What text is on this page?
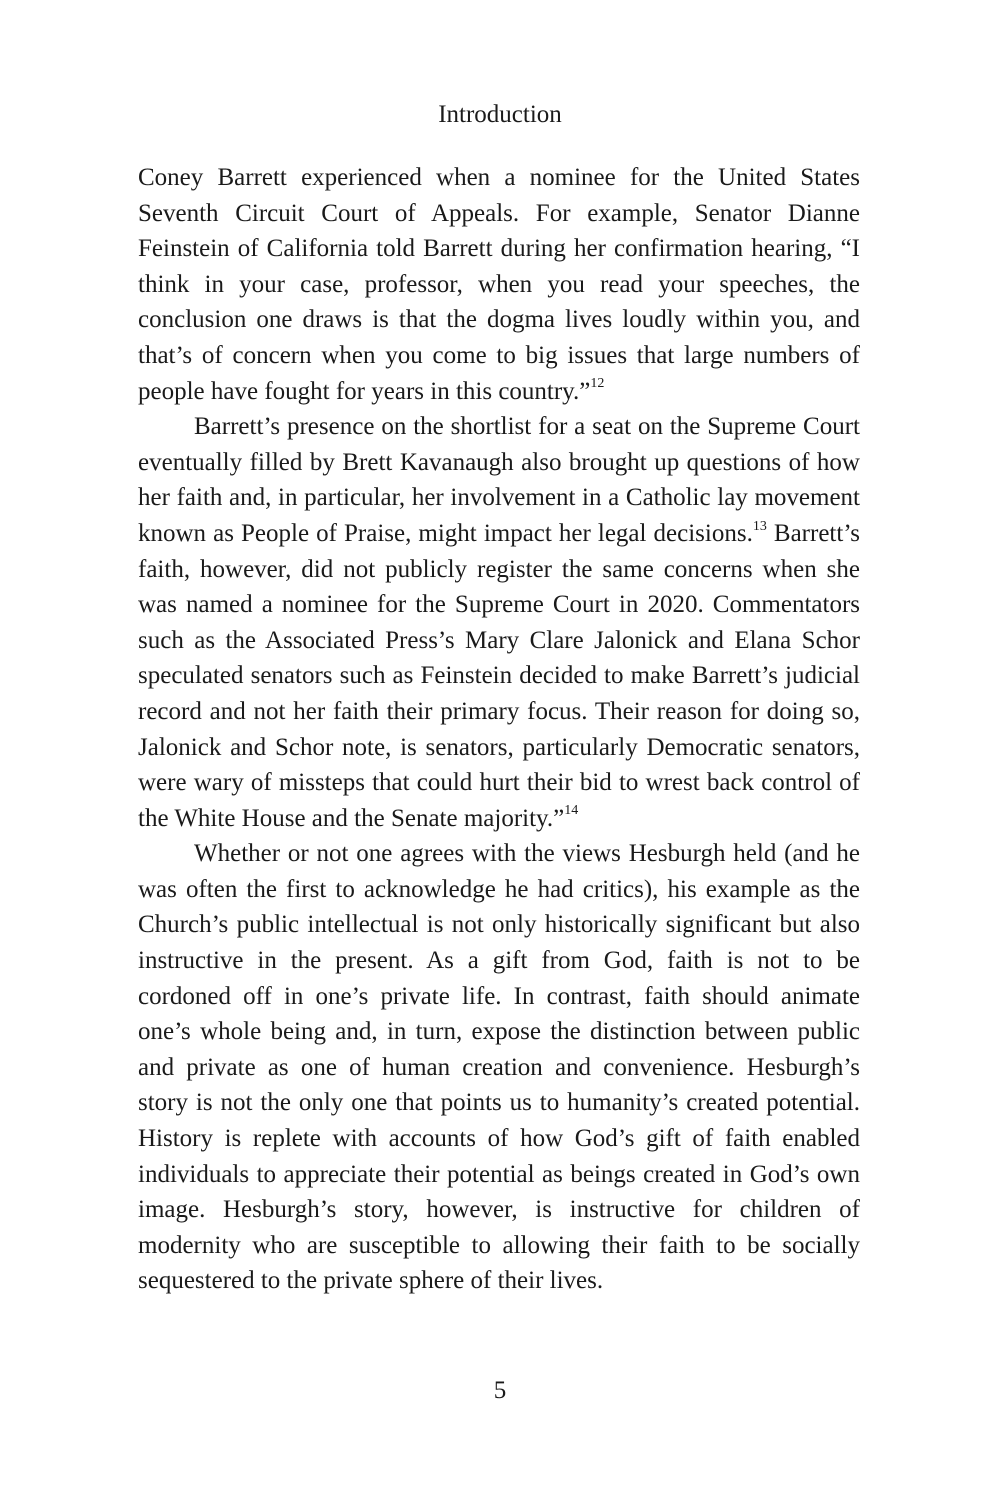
Introduction

Coney Barrett experienced when a nominee for the United States Seventh Circuit Court of Appeals. For example, Senator Dianne Feinstein of California told Barrett during her confirmation hearing, “I think in your case, professor, when you read your speeches, the conclusion one draws is that the dogma lives loudly within you, and that’s of concern when you come to big issues that large numbers of people have fought for years in this country.”$^{12}$

Barrett’s presence on the shortlist for a seat on the Supreme Court eventually filled by Brett Kavanaugh also brought up questions of how her faith and, in particular, her involvement in a Catholic lay movement known as People of Praise, might impact her legal decisions.$^{13}$ Barrett’s faith, however, did not publicly register the same concerns when she was named a nominee for the Supreme Court in 2020. Commentators such as the Associated Press’s Mary Clare Jalonick and Elana Schor speculated senators such as Feinstein decided to make Barrett’s judicial record and not her faith their primary focus. Their reason for doing so, Jalonick and Schor note, is senators, particularly Democratic senators, were wary of missteps that could hurt their bid to wrest back control of the White House and the Senate majority.”$^{14}$

Whether or not one agrees with the views Hesburgh held (and he was often the first to acknowledge he had critics), his example as the Church’s public intellectual is not only historically significant but also instructive in the present. As a gift from God, faith is not to be cordoned off in one’s private life. In contrast, faith should animate one’s whole being and, in turn, expose the distinction between public and private as one of human creation and convenience. Hesburgh’s story is not the only one that points us to humanity’s created potential. History is replete with accounts of how God’s gift of faith enabled individuals to appreciate their potential as beings created in God’s own image. Hesburgh’s story, however, is instructive for children of modernity who are susceptible to allowing their faith to be socially sequestered to the private sphere of their lives.

5
